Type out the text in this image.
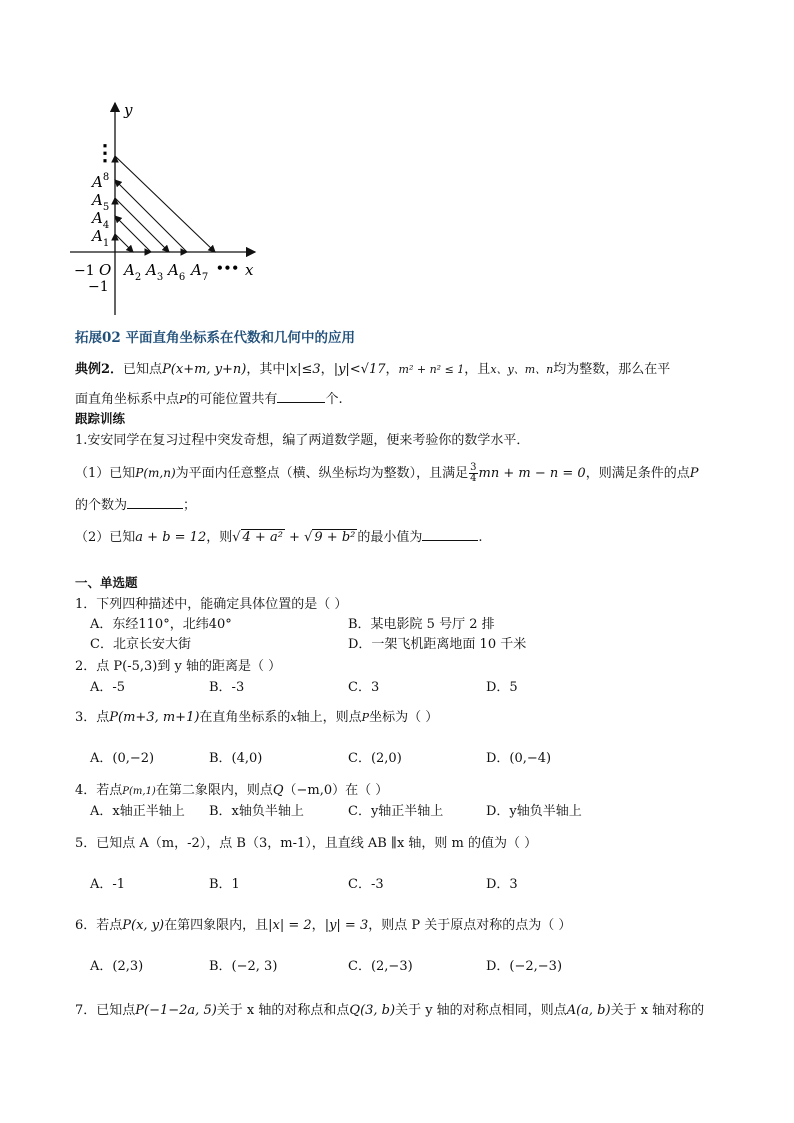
y
x
O
−1
−1
•••
⋮
$A^8$
$A_5$
$A_4$
$A_1$
$A_2$ $A_3$ $A_6$ $A_7$
拓展02 平面直角坐标系在代数和几何中的应用
典例2．已知点P(x+m, y+n)，其中|x|≤3，|y|<√17，m² + n² ≤ 1，且x、y、m、n均为整数，那么在平
面直角坐标系中点P的可能位置共有	个.
跟踪训练
1.安安同学在复习过程中突发奇想，编了两道数学题，便来考验你的数学水平．
（1）已知P(m,n)为平面内任意整点（横、纵坐标均为整数），且满足 $\frac{3}{4}$ mn + m − n = 0，则满足条件的点P
的个数为	；
（2）已知a + b = 12，则√ 4 + a² + √ 9 + b² 的最小值为	.
一、单选题
1．下列四种描述中，能确定具体位置的是（ ）
A．东经110°，北纬40°	B．某电影院 5 号厅 2 排
C．北京长安大街	D．一架飞机距离地面 10 千米
2．点 P(-5,3)到 y 轴的距离是（ ）
A．-5	B．-3	C．3	D．5
3．点P(m+3, m+1)在直角坐标系的x轴上，则点P坐标为（ ）
A．(0,−2)	B．(4,0)	C．(2,0)	D．(0,−4)
4．若点P(m,1)在第二象限内，则点Q（−m,0）在（ ）
A．x轴正半轴上 B．x轴负半轴上	C．y轴正半轴上	D．y轴负半轴上
5．已知点 A（m，-2），点 B（3，m-1），且直线 AB ∥x 轴，则 m 的值为（ ）
A．-1	B．1	C．-3	D．3
6．若点P(x, y)在第四象限内，且|x| = 2，|y| = 3，则点 P 关于原点对称的点为（ ）
A．(2,3)	B．(−2, 3)	C．(2,−3)	D．(−2,−3)
7．已知点P(−1−2a, 5)关于 x 轴的对称点和点Q(3, b)关于 y 轴的对称点相同，则点A(a, b)关于 x 轴对称的
